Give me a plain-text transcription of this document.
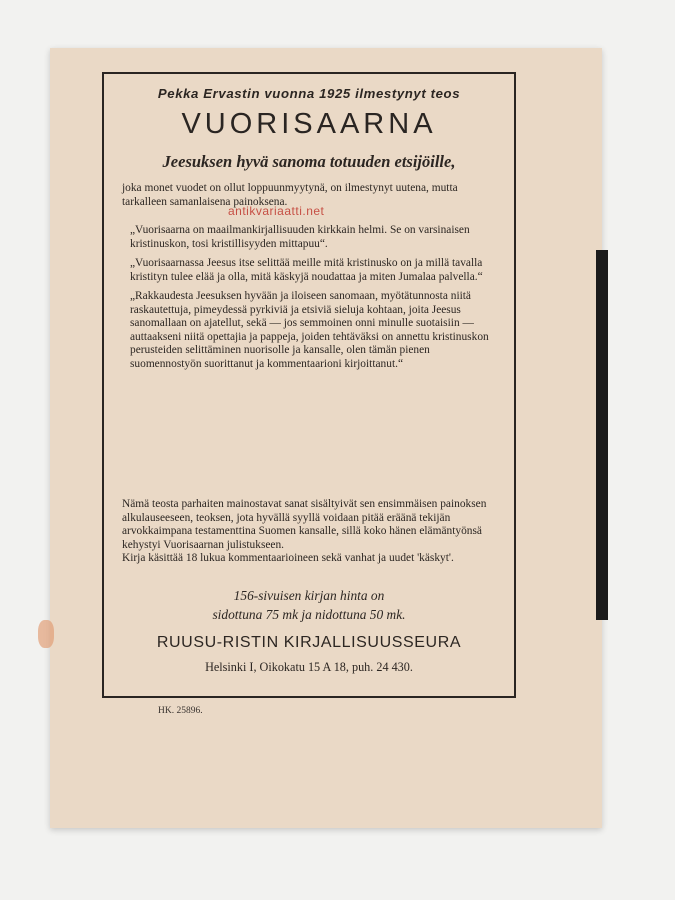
Pekka Ervastin vuonna 1925 ilmestynyt teos
VUORISAARNA
Jeesuksen hyvä sanoma totuuden etsijöille,
joka monet vuodet on ollut loppuunmyytynä, on ilmestynyt uutena, mutta tarkalleen samanlaisena painoksena.

„Vuorisaarna on maailmankirjallisuuden kirkkain helmi. Se on varsinaisen kristinuskon, tosi kristillisyyden mittapuu“.

„Vuorisaarnassa Jeesus itse selittää meille mitä kristinusko on ja millä tavalla kristityn tulee elää ja olla, mitä käskyjä noudattaa ja miten Jumalaa palvella.“

„Rakkaudesta Jeesuksen hyvään ja iloiseen sanomaan, myötätunnosta niitä raskautettuja, pimeydessä pyrkiviä ja etsiviä sieluja kohtaan, joita Jeesus sanomallaan on ajatellut, sekä — jos semmoinen onni minulle suotaisiin — auttaakseni niitä opettajia ja pappeja, joiden tehtäväksi on annettu kristinuskon perusteiden selittäminen nuorisolle ja kansalle, olen tämän pienen suomennostyön suorittanut ja kommentaarioni kirjoittanut.“

Nämä teosta parhaiten mainostavat sanat sisältyivät sen ensimmäisen painoksen alkulauseeseen, teoksen, jota hyvällä syyllä voidaan pitää eräänä tekijän arvokkaimpana testamenttina Suomen kansalle, sillä koko hänen elämäntyönsä kehystyi Vuorisaarnan julistukseen.

Kirja käsittää 18 lukua kommentaarioineen sekä vanhat ja uudet 'käskyt'.

156-sivuisen kirjan hinta on
sidottuna 75 mk ja nidottuna 50 mk.
RUUSU-RISTIN KIRJALLISUUSSEURA
Helsinki I, Oikokatu 15 A 18, puh. 24 430.
antikvariaatti.net
HK. 25896.
